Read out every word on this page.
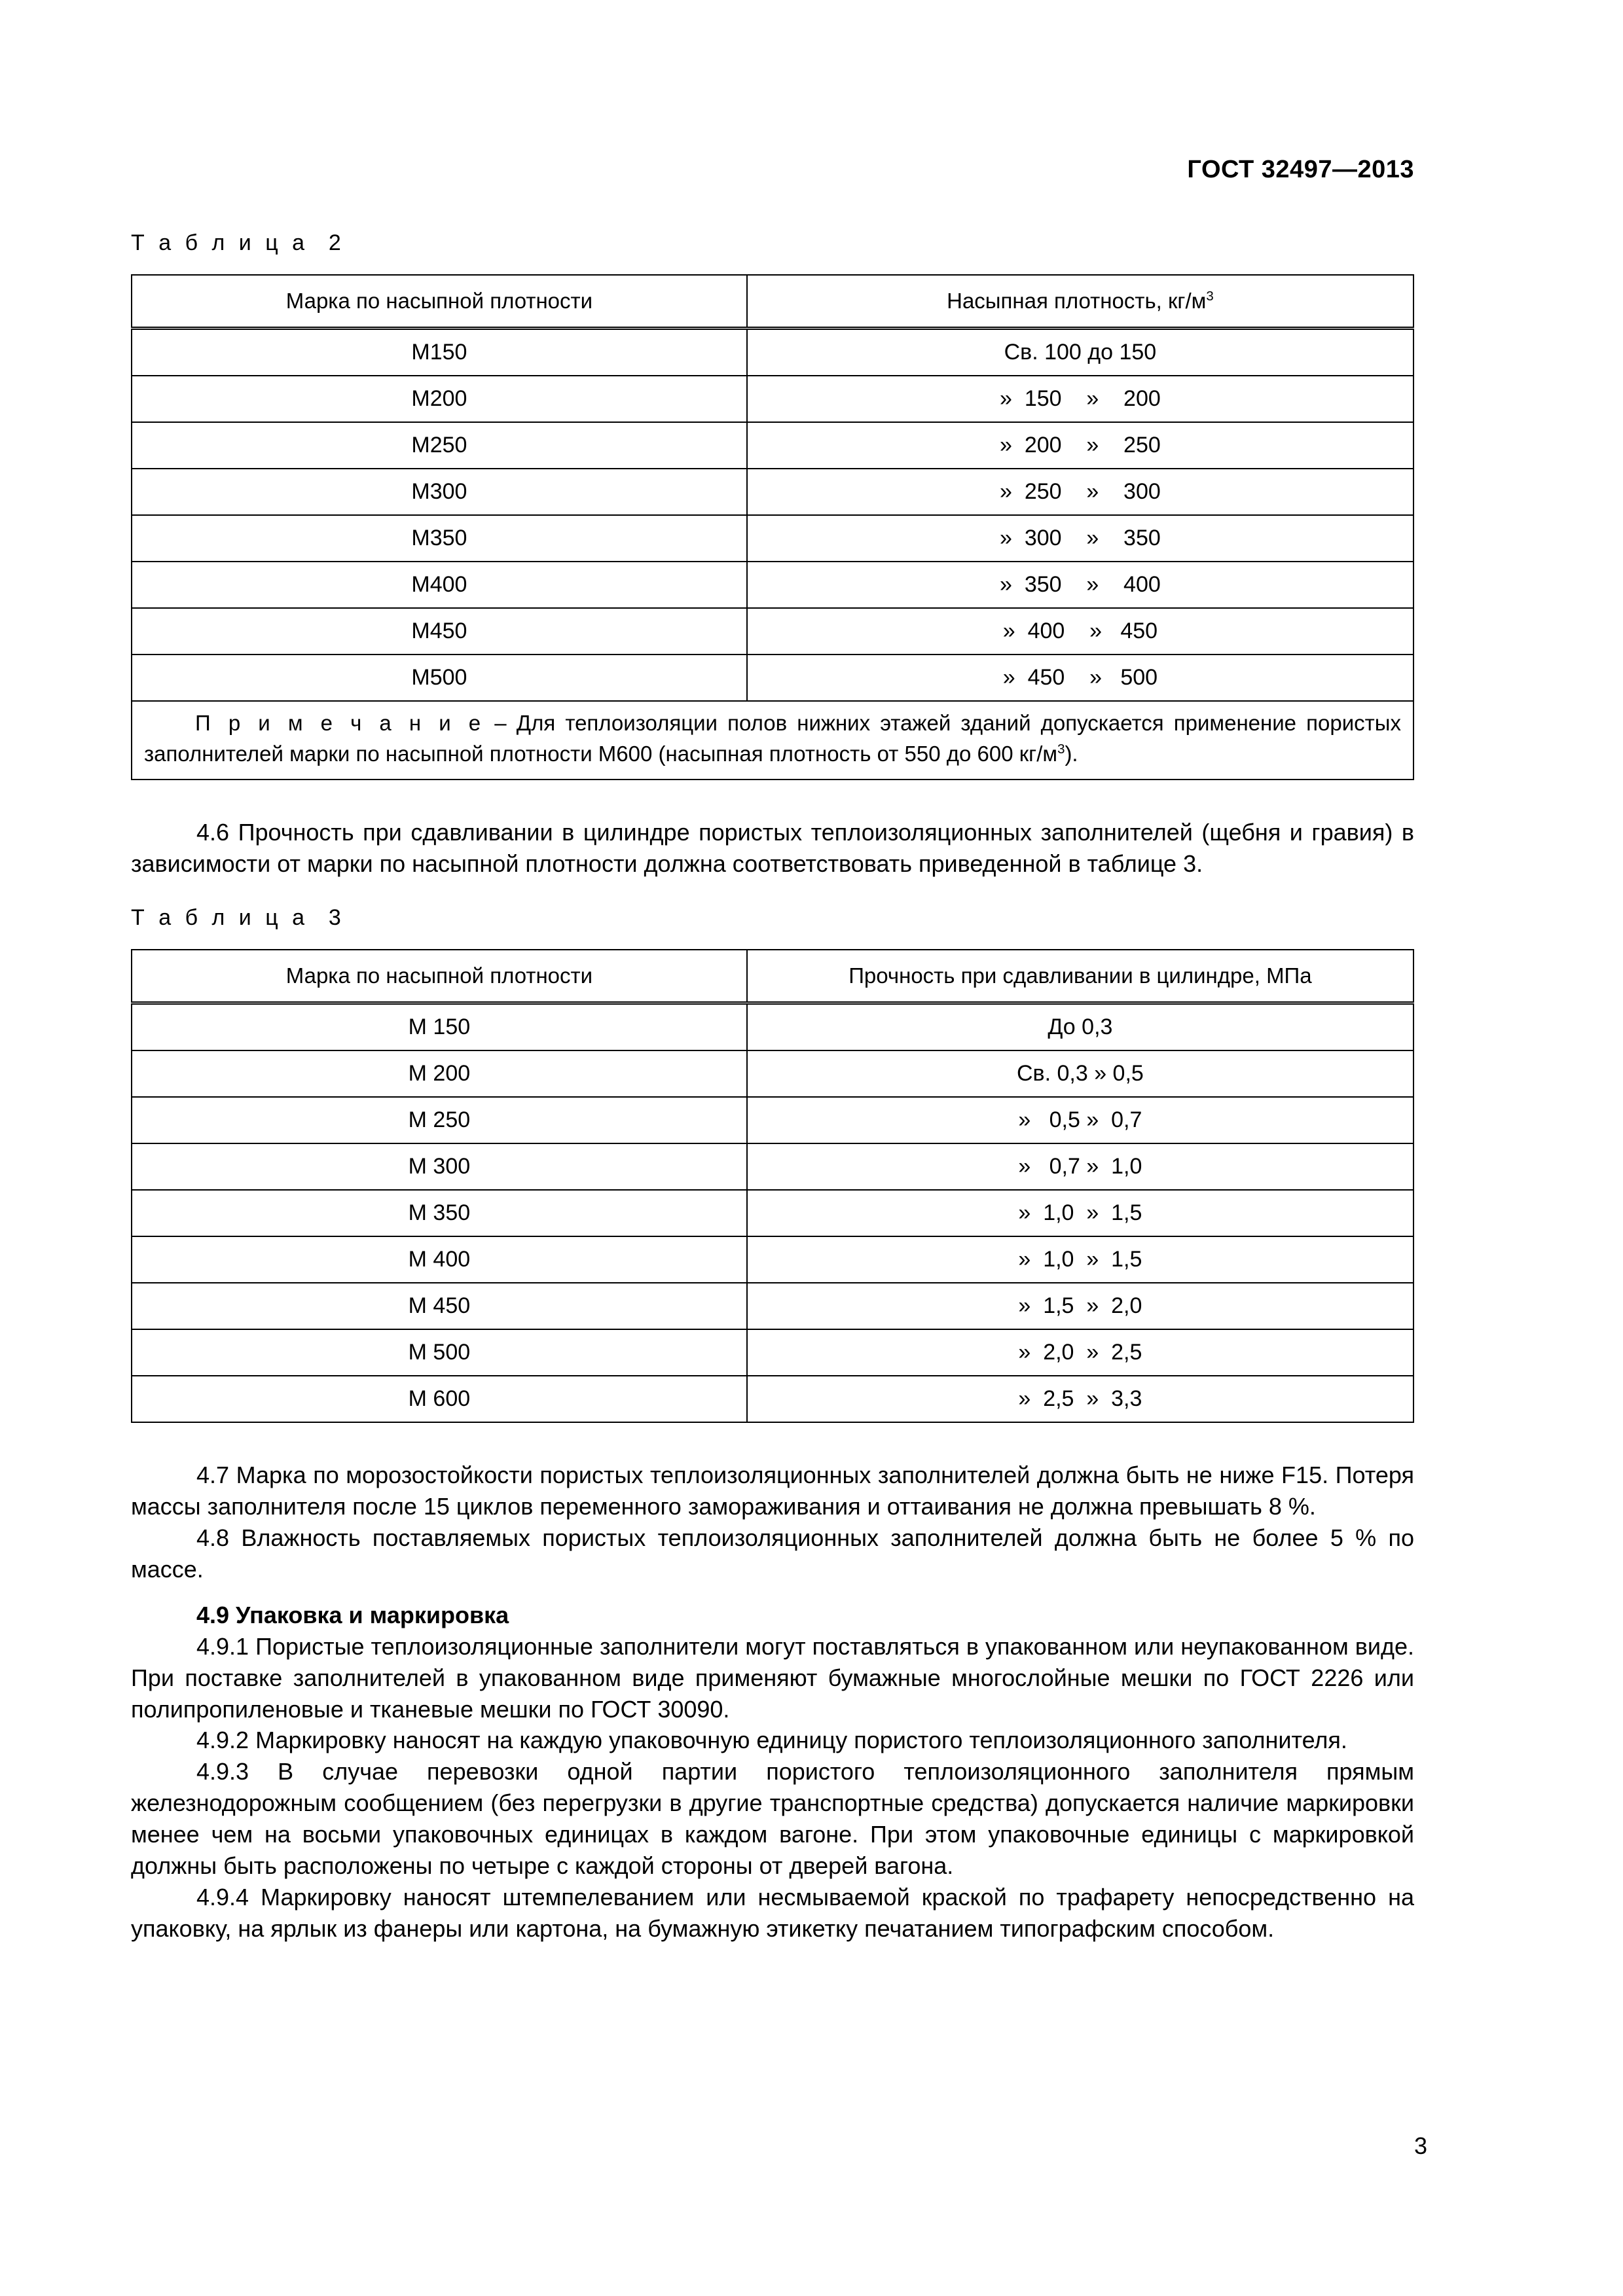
ГОСТ 32497—2013
Т а б л и ц а  2
Марка по насыпной плотности	Насыпная плотность, $кг/м^3$

М150	Св. 100 до 150

М200	»  150    »    200

М250	»  200    »    250

М300	»  250    »    300

М350	»  300    »    350

М400	»  350    »    400

М450	»  400    »   450

М500	»  450    »   500

П р и м е ч а н и е – Для теплоизоляции полов нижних этажей зданий допускается применение пористых заполнителей марки по насыпной плотности М600 (насыпная плотность от 550 до 600 $кг/м^3$).	

4.6 Прочность при сдавливании в цилиндре пористых теплоизоляционных заполнителей (щебня и гравия) в зависимости от марки по насыпной плотности должна соответствовать приведенной в таблице 3.

Т а б л и ц а  3
Марка по насыпной плотности	Прочность при сдавливании в цилиндре, МПа

М 150	До 0,3

М 200	Св. 0,3 » 0,5

М 250	»   0,5 »  0,7

М 300	»   0,7 »  1,0

М 350	»  1,0  »  1,5

М 400	»  1,0  »  1,5

М 450	»  1,5  »  2,0

М 500	»  2,0  »  2,5

М 600	»  2,5  »  3,3

4.7 Марка по морозостойкости пористых теплоизоляционных заполнителей должна быть не ниже F15. Потеря массы заполнителя после 15 циклов переменного замораживания и оттаивания не должна превышать 8 %.

4.8 Влажность поставляемых пористых теплоизоляционных заполнителей должна быть не более 5 % по массе.

4.9 Упаковка и маркировка

4.9.1 Пористые теплоизоляционные заполнители могут поставляться в упакованном или неупакованном виде. При поставке заполнителей в упакованном виде применяют бумажные многослойные мешки по ГОСТ 2226 или полипропиленовые и тканевые мешки по ГОСТ 30090.

4.9.2 Маркировку наносят на каждую упаковочную единицу пористого теплоизоляционного заполнителя.

4.9.3 В случае перевозки одной партии пористого теплоизоляционного заполнителя прямым железнодорожным сообщением (без перегрузки в другие транспортные средства) допускается наличие маркировки менее чем на восьми упаковочных единицах в каждом вагоне. При этом упаковочные единицы с маркировкой должны быть расположены по четыре с каждой стороны от дверей вагона.

4.9.4 Маркировку наносят штемпелеванием или несмываемой краской по трафарету непосредственно на упаковку, на ярлык из фанеры или картона, на бумажную этикетку печатанием типографским способом.

3
